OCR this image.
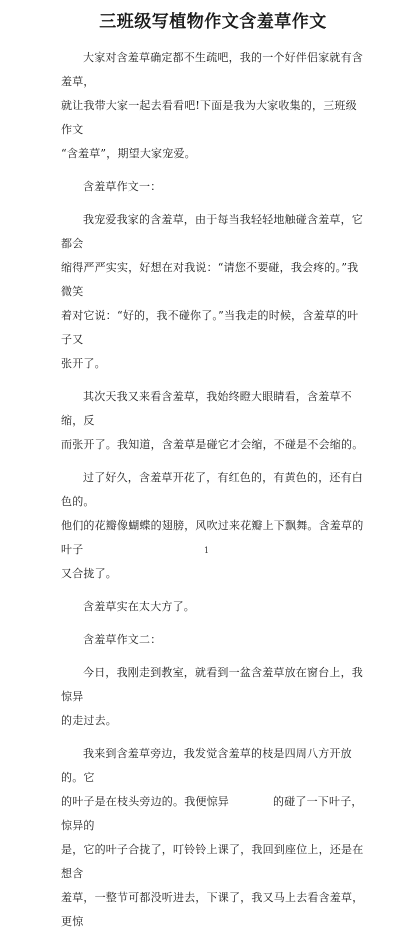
三班级写植物作文含羞草作文

大家对含羞草确定都不生疏吧，我的一个好伴侣家就有含羞草，
就让我带大家一起去看看吧!下面是我为大家收集的，三班级作文
“含羞草”，期望大家宠爱。

含羞草作文一：

我宠爱我家的含羞草，由于每当我轻轻地触碰含羞草，它都会
缩得严严实实，好想在对我说：“请您不要碰，我会疼的。”我微笑
着对它说：“好的，我不碰你了。”当我走的时候，含羞草的叶子又
张开了。

其次天我又来看含羞草，我始终瞪大眼睛看，含羞草不缩，反
而张开了。我知道，含羞草是碰它才会缩，不碰是不会缩的。

过了好久，含羞草开花了，有红色的，有黄色的，还有白色的。
他们的花瓣像蝴蝶的翅膀，风吹过来花瓣上下飘舞。含羞草的叶子
又合拢了。

含羞草实在太大方了。

含羞草作文二：

今日，我刚走到教室，就看到一盆含羞草放在窗台上，我惊异
的走过去。

我来到含羞草旁边，我发觉含羞草的枝是四周八方开放的。它
的叶子是在枝头旁边的。我便惊异	的碰了一下叶子，惊异的
是，它的叶子合拢了，叮铃铃上课了，我回到座位上，还是在想含
羞草，一整节可都没听进去，下课了，我又马上去看含羞草，更惊

1
